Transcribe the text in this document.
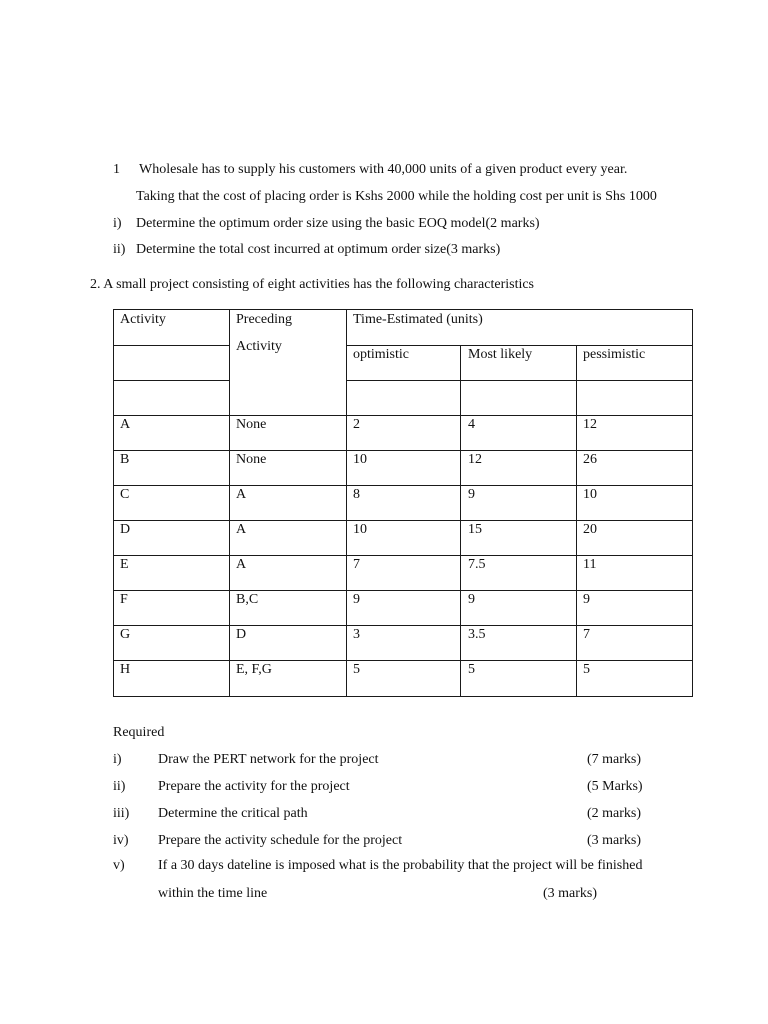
1 Wholesale has to supply his customers with 40,000 units of a given product every year.
Taking that the cost of placing order is Kshs 2000 while the holding cost per unit is Shs 1000
i) Determine the optimum order size using the basic EOQ model(2 marks)
ii) Determine the total cost incurred at optimum order size(3 marks)
2. A small project consisting of eight activities has the following characteristics
Activity	Preceding
Activity
Time-Estimated (units)
optimistic	Most likely	pessimistic
A	None	2	4	12
B	None	10	12	26
C	A	8	9	10
D	A	10	15	20
E	A	7	7.5	11
F	B,C	9	9	9
G	D	3	3.5	7
H	E, F,G	5	5	5
Required
i)	Draw the PERT network for the project	(7 marks)
ii) Prepare the activity for the project	(5 Marks)
iii) Determine the critical path	(2 marks)
iv) Prepare the activity schedule for the project	(3 marks)
v) If a 30 days dateline is imposed what is the probability that the project will be finished
within the time line	(3 marks)
